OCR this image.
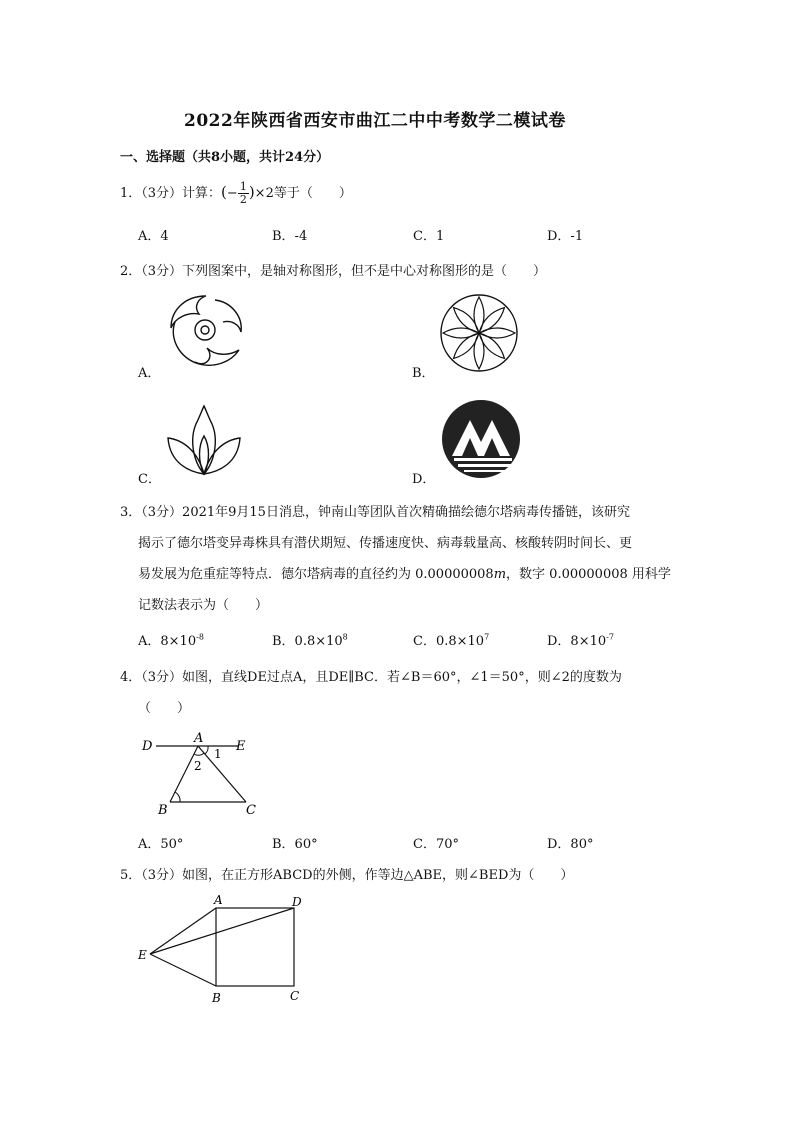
2022年陕西省西安市曲江二中中考数学二模试卷
一、选择题（共8小题，共计24分）
1．（3分）计算：(− $\frac{1}{2} )\times 2$等于（　　）
A．4	B．-4	C．1	D．-1
2．（3分）下列图案中，是轴对称图形，但不是中心对称图形的是（　　）
A．	B．
C．	D．
3．（3分）2021年9月15日消息，钟南山等团队首次精确描绘德尔塔病毒传播链，该研究
揭示了德尔塔变异毒株具有潜伏期短、传播速度快、病毒载量高、核酸转阴时间长、更
易发展为危重症等特点．德尔塔病毒的直径约为 0.00000008m，数字 0.00000008 用科学
记数法表示为（　　）
A．$8\times 10^{-8}$	B．$0.8\times 10^8$	C．$0.8\times 10^7$	D．$8\times 10^{-7}$
4．（3分）如图，直线DE过点A，且DE∥BC．若∠B＝60°，∠1＝50°，则∠2的度数为
（　　）
D
A
E
1
2
B	C
A．50°	B．60°	C．70°	D．80°
5．（3分）如图，在正方形ABCD的外侧，作等边△ABE，则∠BED为（　　）
A	D
E
B	C
